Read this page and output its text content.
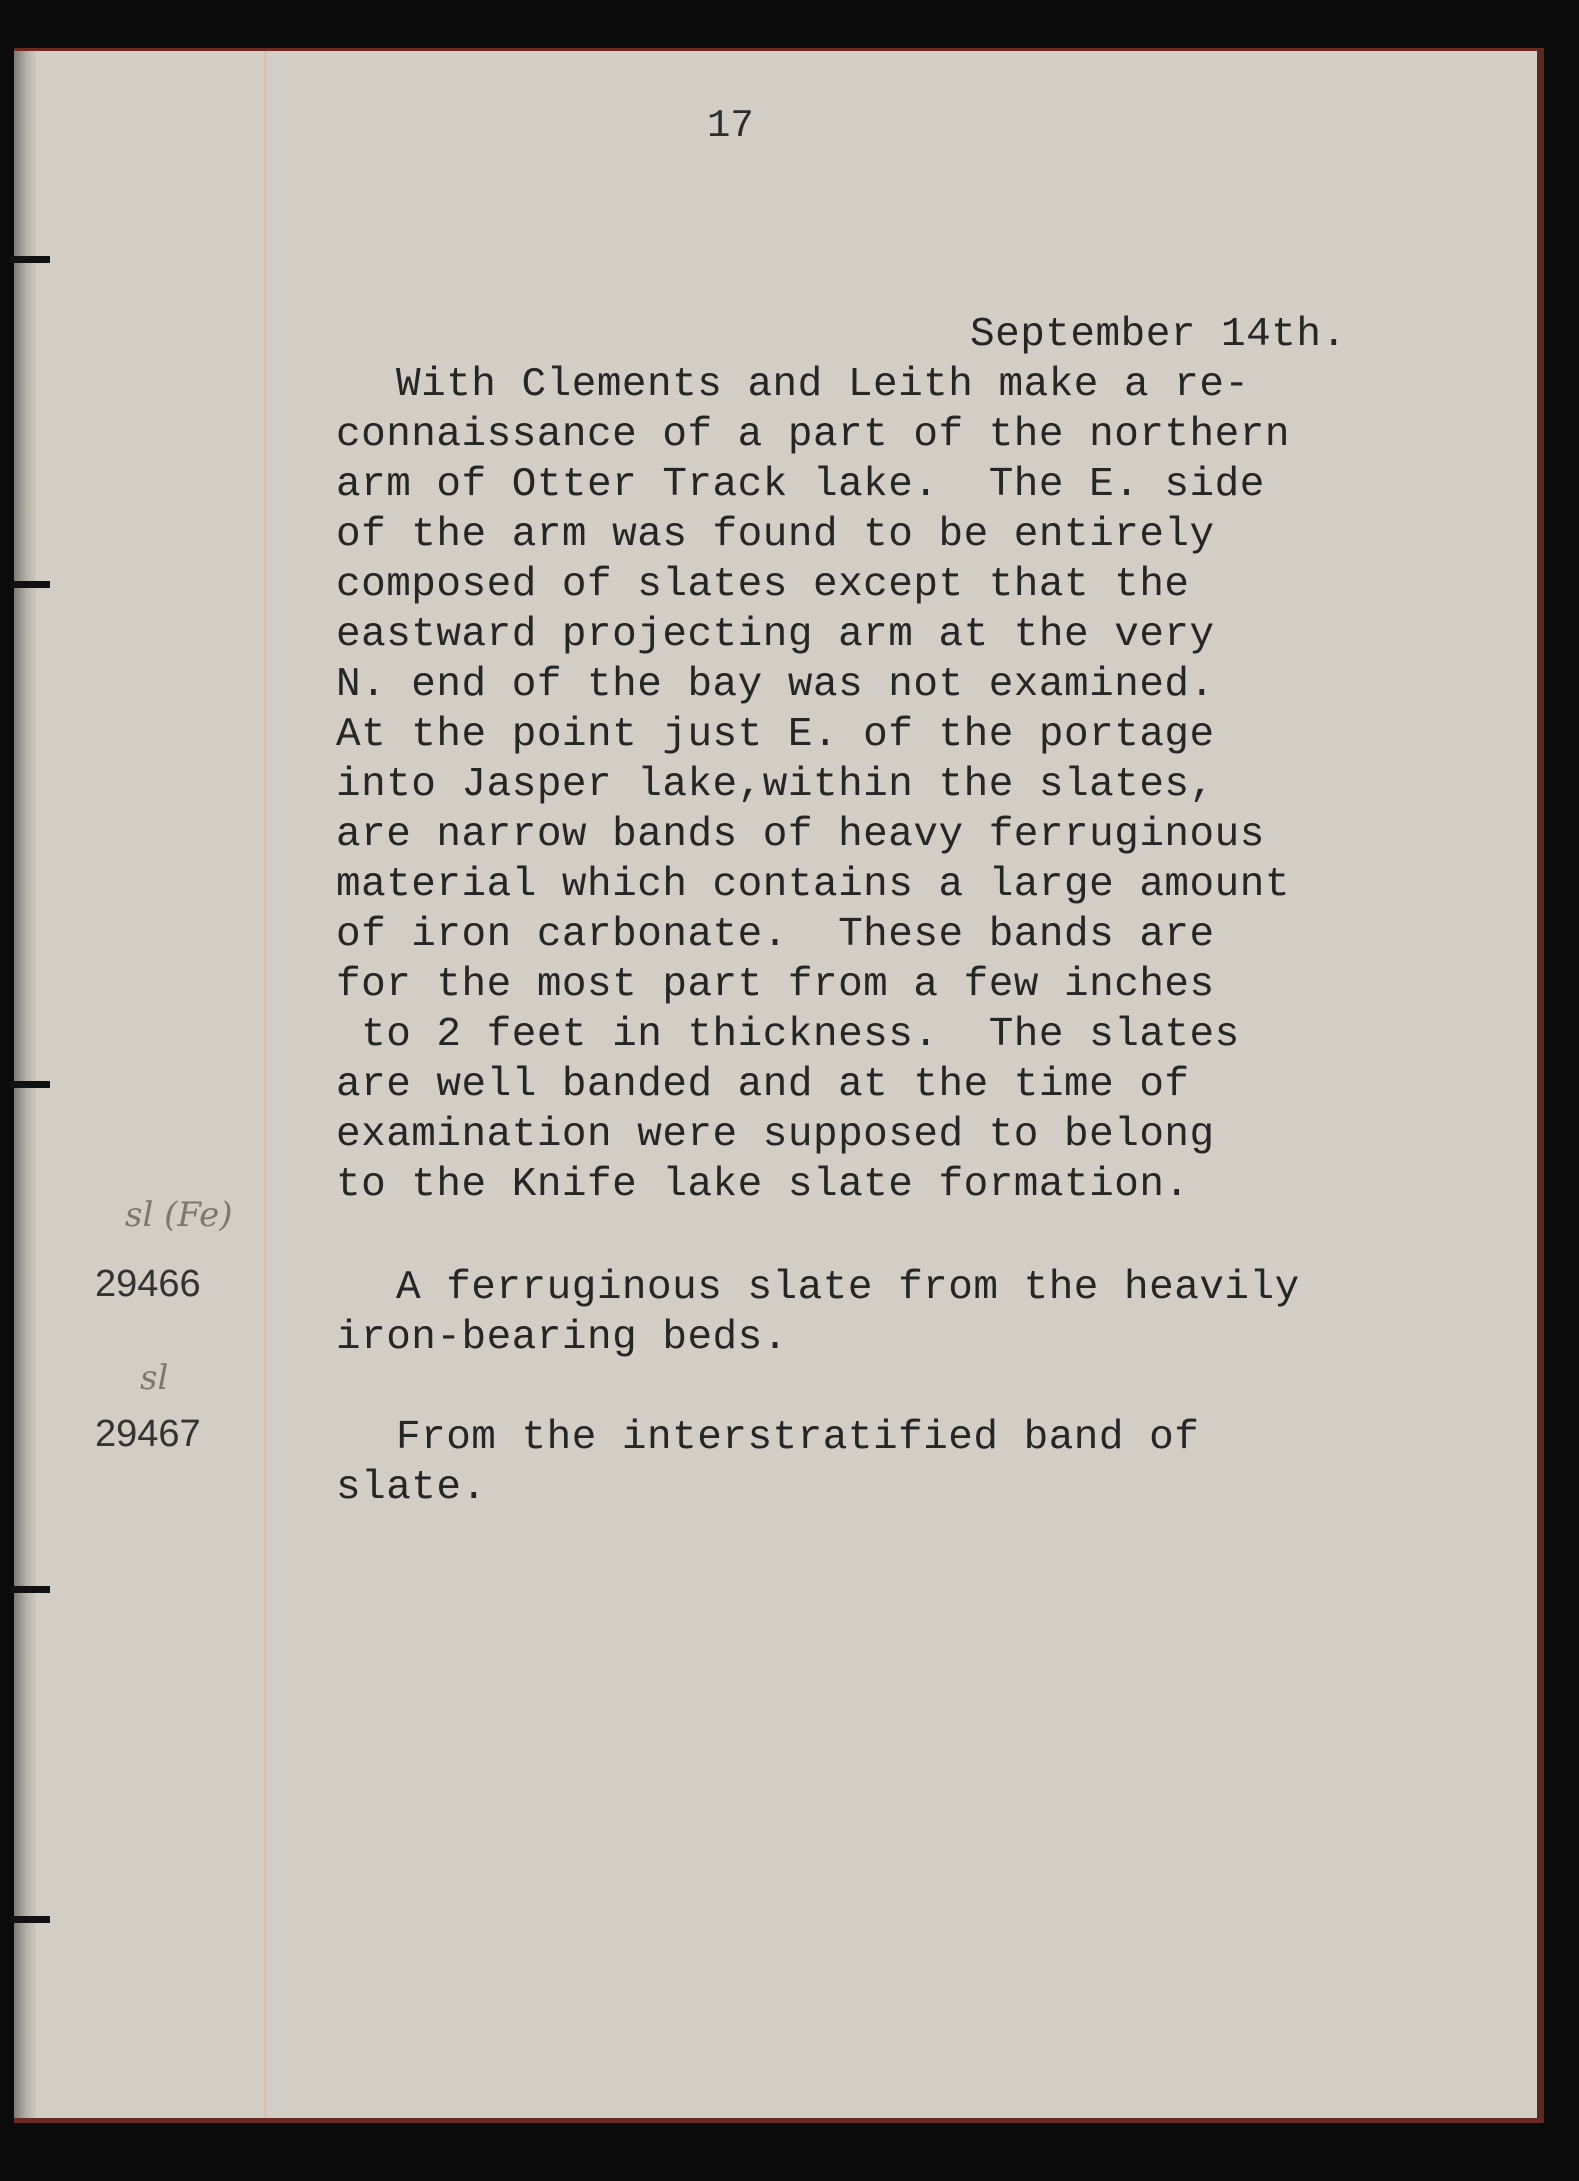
17

September 14th.

With Clements and Leith make a re-

connaissance of a part of the northern

arm of Otter Track lake.  The E. side

of the arm was found to be entirely

composed of slates except that the

eastward projecting arm at the very

N. end of the bay was not examined.

At the point just E. of the portage

into Jasper lake,within the slates,

are narrow bands of heavy ferruginous

material which contains a large amount

of iron carbonate.  These bands are

for the most part from a few inches

to 2 feet in thickness.  The slates

are well banded and at the time of

examination were supposed to belong

to the Knife lake slate formation.

sl (Fe)

29466	A ferruginous slate from the heavily

iron-bearing beds.

sl

29467	From the interstratified band of

slate.
